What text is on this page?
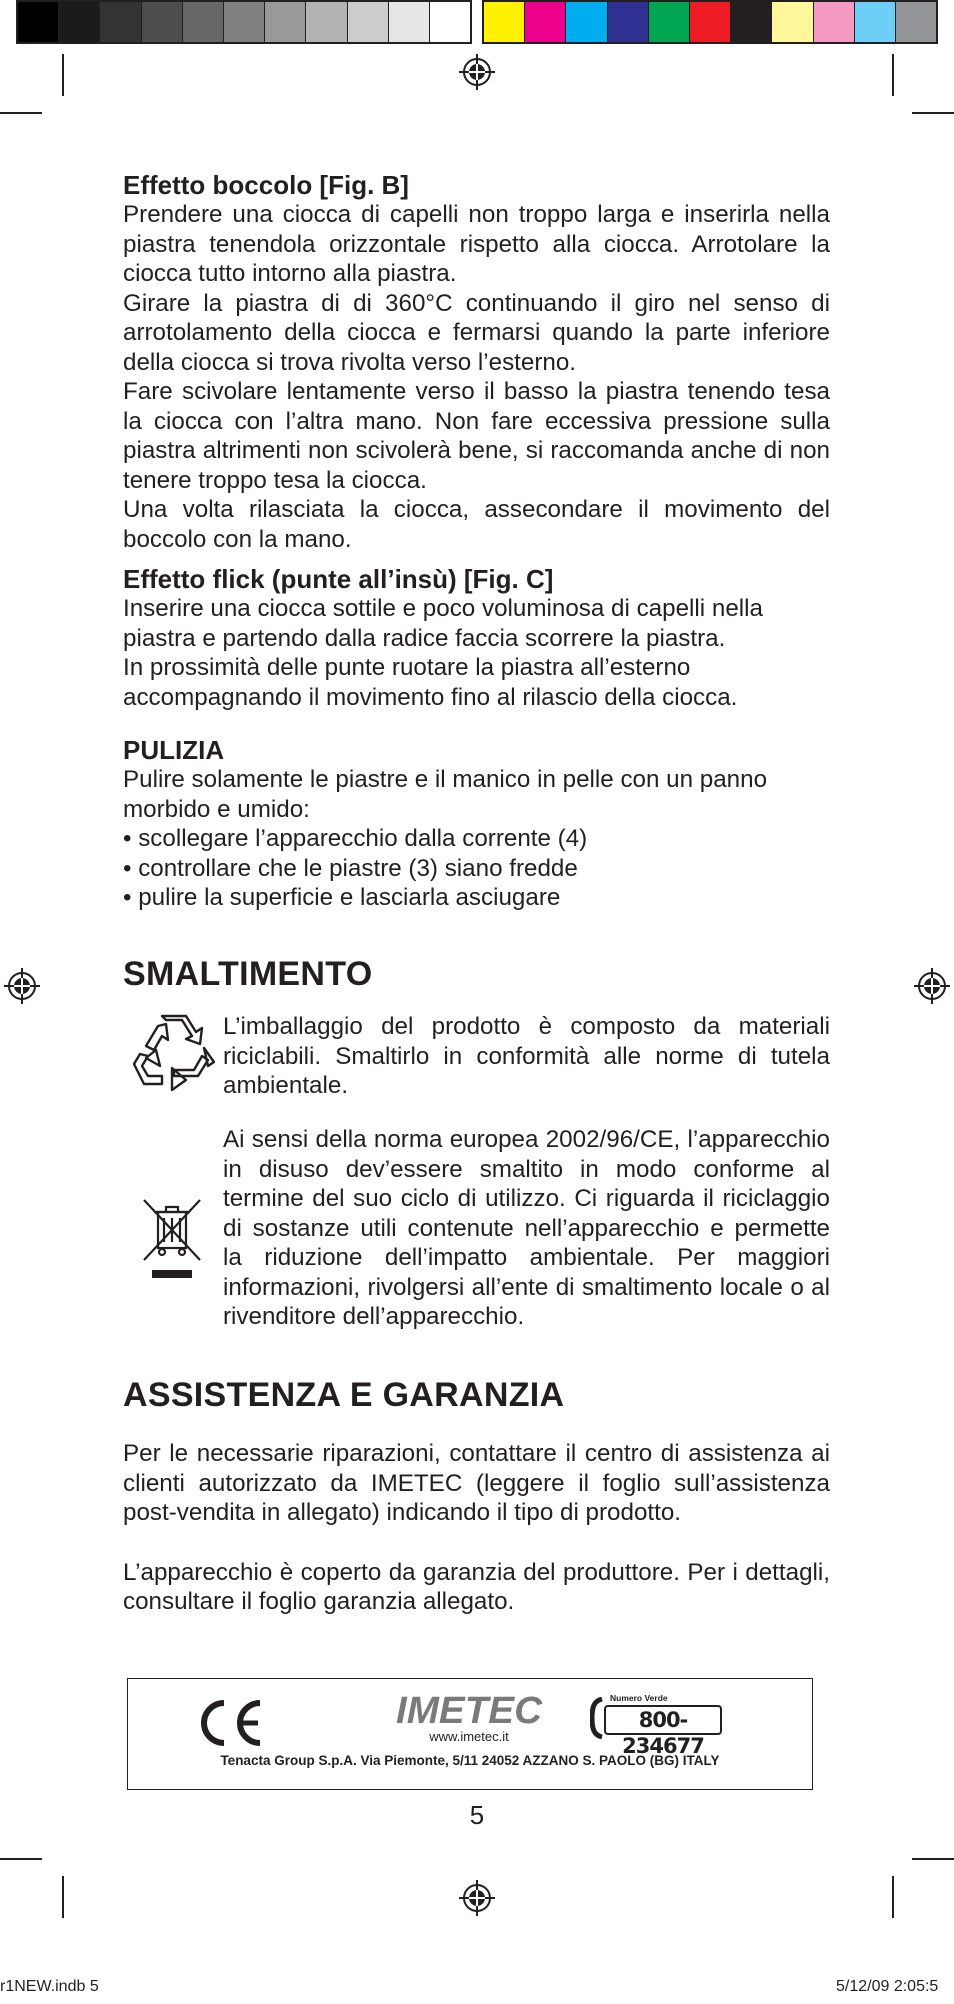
Effetto boccolo [Fig. B]

Prendere una ciocca di capelli non troppo larga e inserirla nella piastra tenendola orizzontale rispetto alla ciocca. Arrotolare la ciocca tutto intorno alla piastra.

Girare la piastra di di 360°C continuando il giro nel senso di arrotolamento della ciocca e fermarsi quando la parte inferiore della ciocca si trova rivolta verso l’esterno.

Fare scivolare lentamente verso il basso la piastra tenendo tesa la ciocca con l’altra mano. Non fare eccessiva pressione sulla piastra altrimenti non scivolerà bene, si raccomanda anche di non tenere troppo tesa la ciocca.

Una volta rilasciata la ciocca, assecondare il movimento del boccolo con la mano.

Effetto flick (punte all’insù) [Fig. C]
Inserire una ciocca sottile e poco voluminosa di capelli nella
piastra e partendo dalla radice faccia scorrere la piastra.
In prossimità delle punte ruotare la piastra all’esterno
accompagnando il movimento fino al rilascio della ciocca.
PULIZIA

Pulire solamente le piastre e il manico in pelle con un panno morbido e umido:

• scollegare l’apparecchio dalla corrente (4)
• controllare che le piastre (3) siano fredde
• pulire la superficie e lasciarla asciugare
SMALTIMENTO
L’imballaggio del prodotto è composto da materiali riciclabili. Smaltirlo in conformità alle norme di tutela ambientale.
Ai sensi della norma europea 2002/96/CE, l’apparecchio in disuso dev’essere smaltito in modo conforme al termine del suo ciclo di utilizzo. Ci riguarda il riciclaggio di sostanze utili contenute nell’apparecchio e permette la riduzione dell’impatto ambientale. Per maggiori informazioni, rivolgersi all’ente di smaltimento locale o al rivenditore dell’apparecchio.
ASSISTENZA E GARANZIA

Per le necessarie riparazioni, contattare il centro di assistenza ai clienti autorizzato da IMETEC (leggere il foglio sull’assistenza post-vendita in allegato) indicando il tipo di prodotto.

L’apparecchio è coperto da garanzia del produttore. Per i dettagli, consultare il foglio garanzia allegato.

CE	IMETEC
www.imetec.it
Numero Verde
800-234677
Tenacta Group S.p.A. Via Piemonte, 5/11 24052 AZZANO S. PAOLO (BG) ITALY
5
r1NEW.indb 5	5/12/09 2:05:5
